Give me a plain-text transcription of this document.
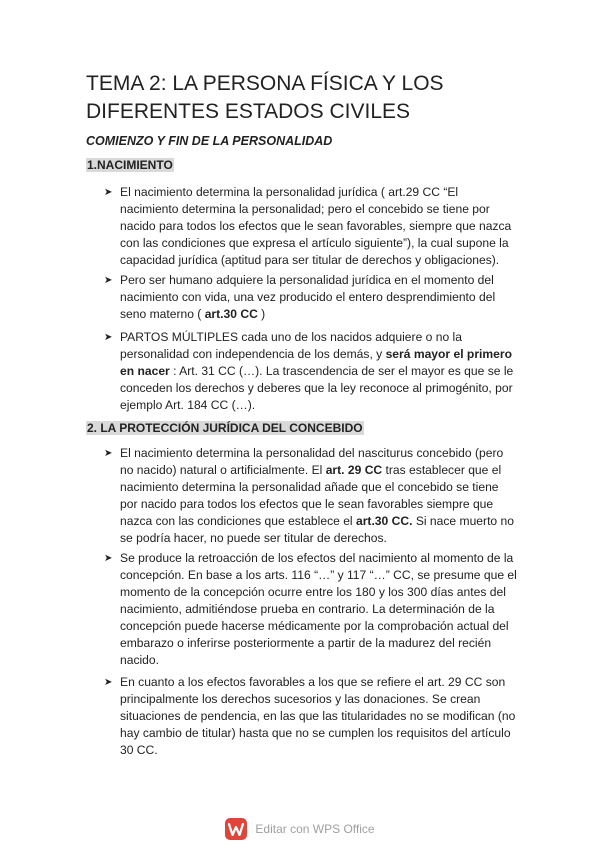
TEMA 2: LA PERSONA FÍSICA Y LOS DIFERENTES ESTADOS CIVILES
COMIENZO Y FIN DE LA PERSONALIDAD
1.NACIMIENTO
➤ El nacimiento determina la personalidad jurídica ( art.29 CC “El nacimiento determina la personalidad; pero el concebido se tiene por nacido para todos los efectos que le sean favorables, siempre que nazca con las condiciones que expresa el artículo siguiente”), la cual supone la capacidad jurídica (aptitud para ser titular de derechos y obligaciones).
➤ Pero ser humano adquiere la personalidad jurídica en el momento del nacimiento con vida, una vez producido el entero desprendimiento del seno materno ( art.30 CC )
➤ PARTOS MÚLTIPLES cada uno de los nacidos adquiere o no la personalidad con independencia de los demás, y será mayor el primero en nacer : Art. 31 CC (…). La trascendencia de ser el mayor es que se le conceden los derechos y deberes que la ley reconoce al primogénito, por ejemplo Art. 184 CC (…).
2. LA PROTECCIÓN JURÍDICA DEL CONCEBIDO
➤ El nacimiento determina la personalidad del nasciturus concebido (pero no nacido) natural o artificialmente. El art. 29 CC tras establecer que el nacimiento determina la personalidad añade que el concebido se tiene por nacido para todos los efectos que le sean favorables siempre que nazca con las condiciones que establece el art.30 CC. Si nace muerto no se podría hacer, no puede ser titular de derechos.
➤ Se produce la retroacción de los efectos del nacimiento al momento de la concepción. En base a los arts. 116 “…” y 117 “…” CC, se presume que el momento de la concepción ocurre entre los 180 y los 300 días antes del nacimiento, admitiéndose prueba en contrario. La determinación de la concepción puede hacerse médicamente por la comprobación actual del embarazo o inferirse posteriormente a partir de la madurez del recién nacido.
➤ En cuanto a los efectos favorables a los que se refiere el art. 29 CC son principalmente los derechos sucesorios y las donaciones. Se crean situaciones de pendencia, en las que las titularidades no se modifican (no hay cambio de titular) hasta que no se cumplen los requisitos del artículo 30 CC.
Editar con WPS Office
